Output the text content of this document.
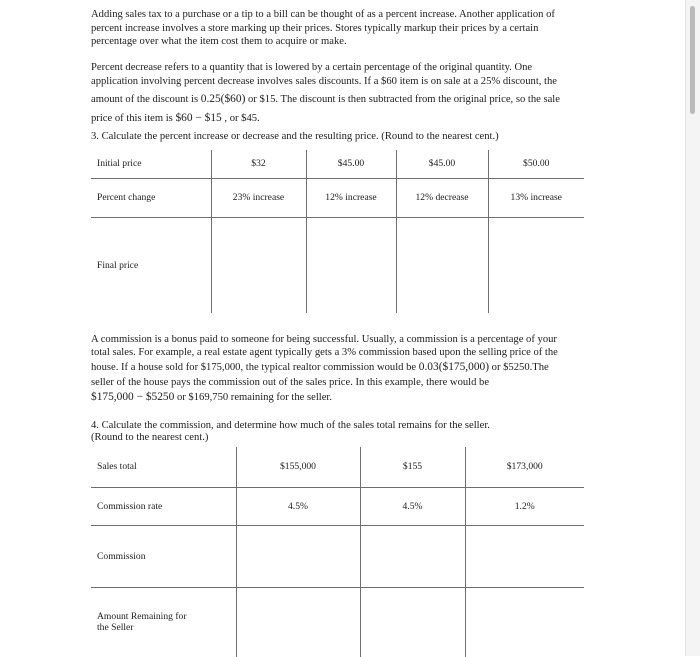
Adding sales tax to a purchase or a tip to a bill can be thought of as a percent increase. Another application of
percent increase involves a store marking up their prices. Stores typically markup their prices by a certain
percentage over what the item cost them to acquire or make.
Percent decrease refers to a quantity that is lowered by a certain percentage of the original quantity. One
application involving percent decrease involves sales discounts. If a $60 item is on sale at a 25% discount, the
amount of the discount is 0.25($60) or $15. The discount is then subtracted from the original price, so the sale
price of this item is $60 − $15 , or $45.
3. Calculate the percent increase or decrease and the resulting price. (Round to the nearest cent.)
Initial price	$32	$45.00	$45.00	$50.00
Percent change	23% increase	12% increase	12% decrease	13% increase
Final price				
A commission is a bonus paid to someone for being successful. Usually, a commission is a percentage of your
total sales. For example, a real estate agent typically gets a 3% commission based upon the selling price of the
house. If a house sold for $175,000, the typical realtor commission would be 0.03($175,000) or $5250.The
seller of the house pays the commission out of the sales price. In this example, there would be
$175,000 − $5250 or $169,750 remaining for the seller.
4. Calculate the commission, and determine how much of the sales total remains for the seller.
(Round to the nearest cent.)
Sales total	$155,000	$155	$173,000
Commission rate	4.5%	4.5%	1.2%
Commission			

Amount Remaining for
the Seller			
